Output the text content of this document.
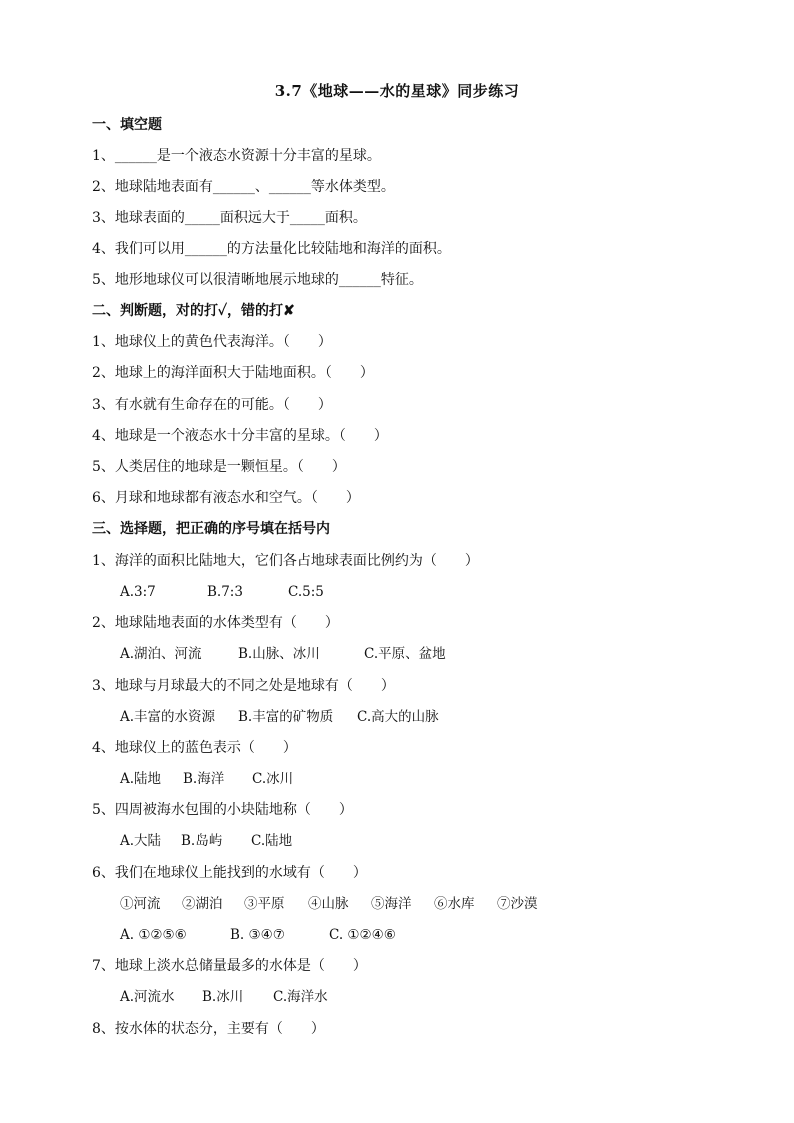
3.7《地球——水的星球》同步练习
一、填空题
1、______是一个液态水资源十分丰富的星球。
2、地球陆地表面有______、______等水体类型。
3、地球表面的_____面积远大于_____面积。
4、我们可以用______的方法量化比较陆地和海洋的面积。
5、地形地球仪可以很清晰地展示地球的______特征。
二、判断题，对的打✓，错的打✘
1、地球仪上的黄色代表海洋。（　　）
2、地球上的海洋面积大于陆地面积。（　　）
3、有水就有生命存在的可能。（　　）
4、地球是一个液态水十分丰富的星球。（　　）
5、人类居住的地球是一颗恒星。（　　）
6、月球和地球都有液态水和空气。（　　）
三、选择题，把正确的序号填在括号内
1、海洋的面积比陆地大，它们各占地球表面比例约为（　　）
A.3:7	B.7:3	C.5:5
2、地球陆地表面的水体类型有（　　）
A.湖泊、河流	B.山脉、冰川	C.平原、盆地
3、地球与月球最大的不同之处是地球有（　　）
A.丰富的水资源 B.丰富的矿物质 C.高大的山脉
4、地球仪上的蓝色表示（　　）
A.陆地 B.海洋 C.冰川
5、四周被海水包围的小块陆地称（　　）
A.大陆 B.岛屿 C.陆地
6、我们在地球仪上能找到的水域有（　　）
①河流 ②湖泊 ③平原 ④山脉 ⑤海洋 ⑥水库 ⑦沙漠
A. ①②⑤⑥	B. ③④⑦	C. ①②④⑥
7、地球上淡水总储量最多的水体是（　　）
A.河流水 B.冰川 C.海洋水
8、按水体的状态分，主要有（　　）
